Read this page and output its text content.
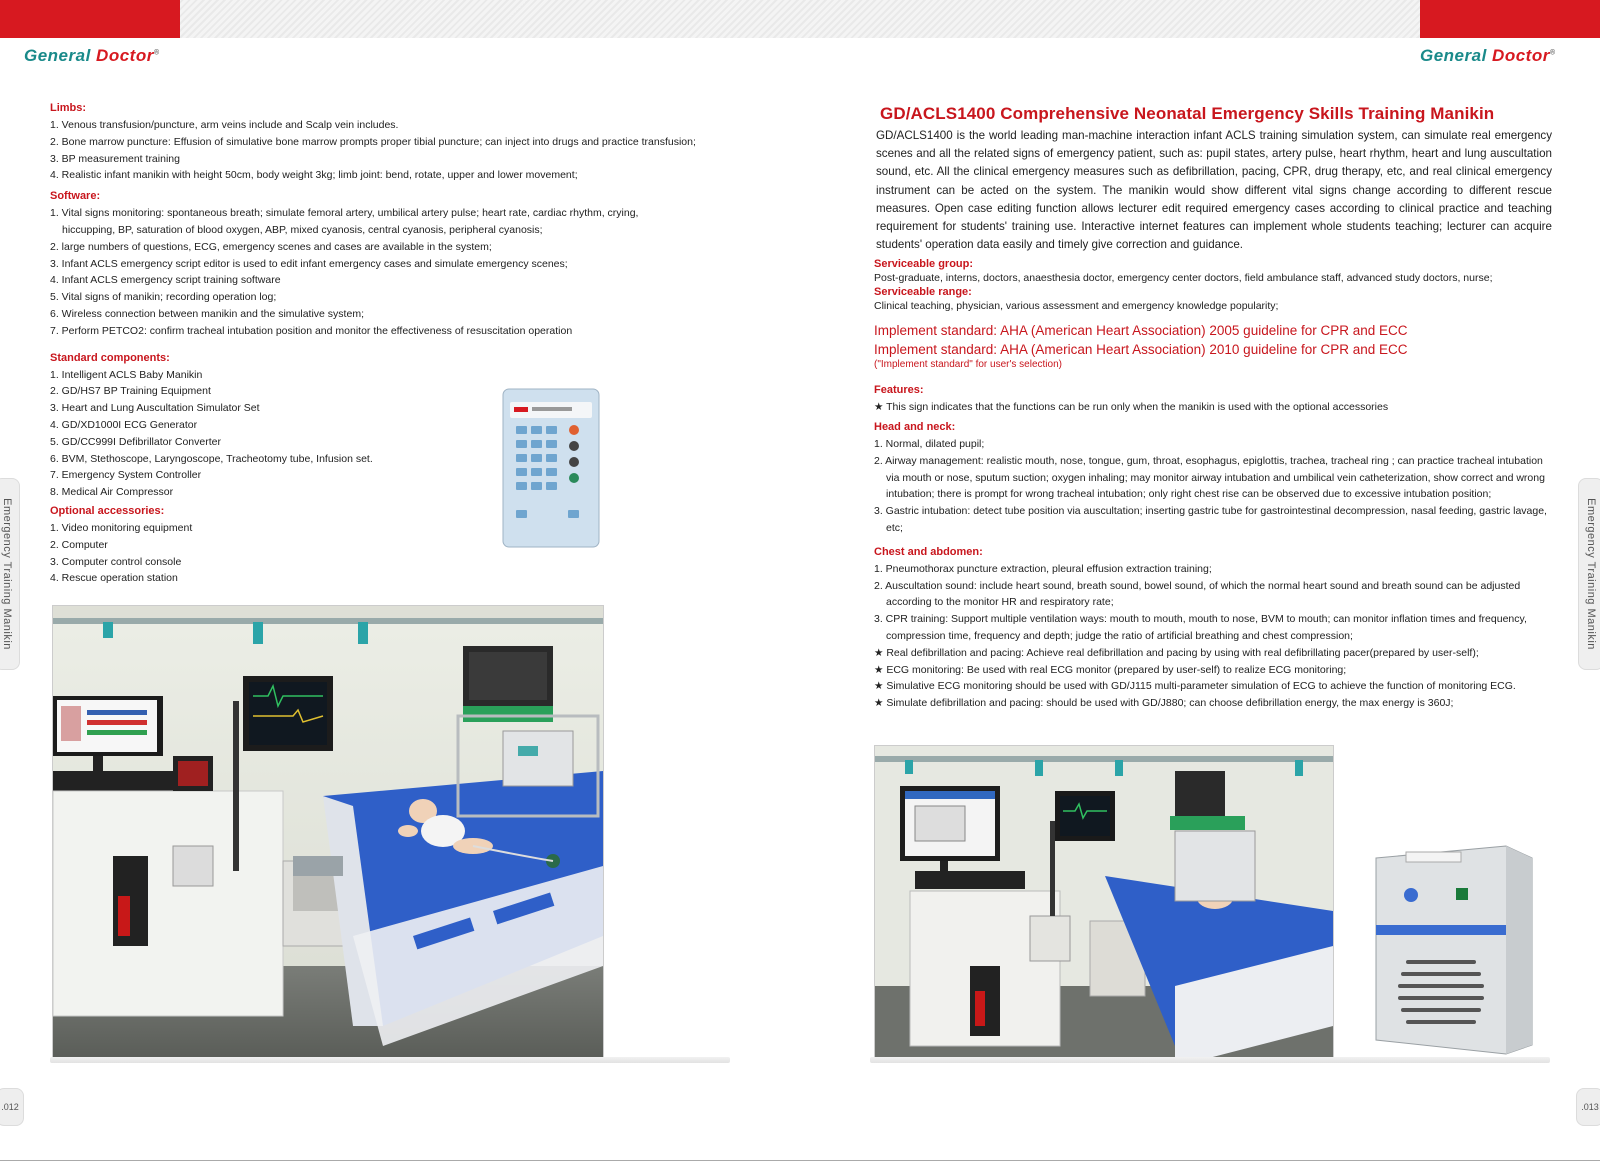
General Doctor®	General Doctor®
Limbs:
1. Venous transfusion/puncture, arm veins include and Scalp vein includes.
2. Bone marrow puncture: Effusion of simulative bone marrow prompts proper tibial puncture; can inject into drugs and practice transfusion;
3. BP measurement training
4. Realistic infant manikin with height 50cm, body weight 3kg; limb joint: bend, rotate, upper and lower movement;
Software:
1. Vital signs monitoring: spontaneous breath; simulate femoral artery, umbilical artery pulse; heart rate, cardiac rhythm, crying, hiccupping, BP, saturation of blood oxygen, ABP, mixed cyanosis, central cyanosis, peripheral cyanosis;
2. large numbers of questions, ECG, emergency scenes and cases are available in the system;
3. Infant ACLS emergency script editor is used to edit infant emergency cases and simulate emergency scenes;
4. Infant ACLS emergency script training software
5. Vital signs of manikin; recording operation log;
6. Wireless connection between manikin and the simulative system;
7. Perform PETCO2: confirm tracheal intubation position and monitor the effectiveness of resuscitation operation
Standard components:
1. Intelligent ACLS Baby Manikin
2. GD/HS7 BP Training Equipment
3. Heart and Lung Auscultation Simulator Set
4. GD/XD1000I ECG Generator
5. GD/CC999I Defibrillator Converter
6. BVM, Stethoscope, Laryngoscope, Tracheotomy tube, Infusion set.
7. Emergency System Controller
8. Medical Air Compressor
Optional accessories:
1. Video monitoring equipment
2. Computer
3. Computer control console
4. Rescue operation station
Emergency Training Manikin
.012
GD/ACLS1400 Comprehensive Neonatal Emergency Skills Training Manikin
GD/ACLS1400 is the world leading man-machine interaction infant ACLS training simulation system, can simulate real emergency scenes and all the related signs of emergency patient, such as: pupil states, artery pulse, heart rhythm, heart and lung auscultation sound, etc. All the clinical emergency measures such as defibrillation, pacing, CPR, drug therapy, etc, and real clinical emergency instrument can be acted on the system. The manikin would show different vital signs change according to different rescue measures. Open case editing function allows lecturer edit required emergency cases according to clinical practice and teaching requirement for students' training use. Interactive internet features can implement whole students teaching; lecturer can acquire students' operation data easily and timely give correction and guidance.
Serviceable group:
Post-graduate, interns, doctors, anaesthesia doctor, emergency center doctors, field ambulance staff, advanced study doctors, nurse;
Serviceable range:
Clinical teaching, physician, various assessment and emergency knowledge popularity;
Implement standard: AHA (American Heart Association) 2005 guideline for CPR and ECC
Implement standard: AHA (American Heart Association) 2010 guideline for CPR and ECC
("Implement standard" for user's selection)
Features:
★ This sign indicates that the functions can be run only when the manikin is used with the optional accessories
Head and neck:
1. Normal, dilated pupil;
2. Airway management: realistic mouth, nose, tongue, gum, throat, esophagus, epiglottis, trachea, tracheal ring ; can practice tracheal intubation via mouth or nose, sputum suction; oxygen inhaling; may monitor airway intubation and umbilical vein catheterization, show correct and wrong intubation; there is prompt for wrong tracheal intubation; only right chest rise can be observed due to excessive intubation position;
3. Gastric intubation: detect tube position via auscultation; inserting gastric tube for gastrointestinal decompression, nasal feeding, gastric lavage, etc;
Chest and abdomen:
1. Pneumothorax puncture extraction, pleural effusion extraction training;
2. Auscultation sound: include heart sound, breath sound, bowel sound, of which the normal heart sound and breath sound can be adjusted according to the monitor HR and respiratory rate;
3. CPR training: Support multiple ventilation ways: mouth to mouth, mouth to nose, BVM to mouth; can monitor inflation times and frequency, compression time, frequency and depth; judge the ratio of artificial breathing and chest compression;
★ Real defibrillation and pacing: Achieve real defibrillation and pacing by using with real defibrillating pacer(prepared by user-self);
★ ECG monitoring: Be used with real ECG monitor (prepared by user-self) to realize ECG monitoring;
★ Simulative ECG monitoring should be used with GD/J115 multi-parameter simulation of ECG to achieve the function of monitoring ECG.
★ Simulate defibrillation and pacing: should be used with GD/J880; can choose defibrillation energy, the max energy is 360J;
Emergency Training Manikin
.013
